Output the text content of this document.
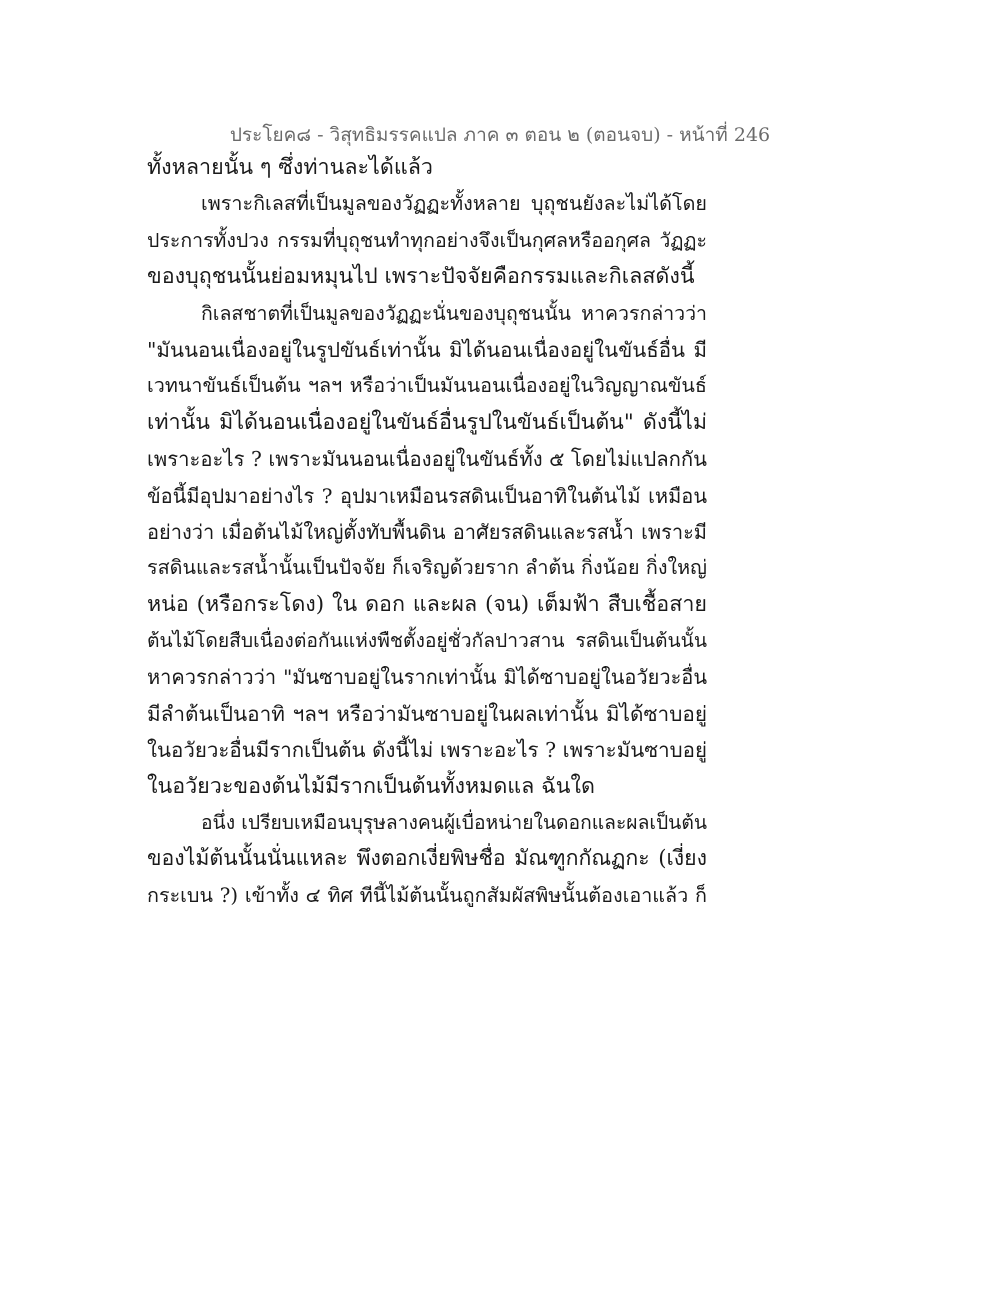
ประโยค๘ - วิสุทธิมรรคแปล ภาค ๓ ตอน ๒ (ตอนจบ) - หน้าที่ 246
ทั้งหลายนั้น ๆ ซึ่งท่านละได้แล้ว
เพราะกิเลสที่เป็นมูลของวัฏฏะทั้งหลาย บุถุชนยังละไม่ได้โดย
ประการทั้งปวง กรรมที่บุถุชนทำทุกอย่างจึงเป็นกุศลหรืออกุศล วัฏฏะ
ของบุถุชนนั้นย่อมหมุนไป เพราะปัจจัยคือกรรมและกิเลสดังนี้
กิเลสชาตที่เป็นมูลของวัฏฏะนั่นของบุถุชนนั้น หาควรกล่าวว่า
"มันนอนเนื่องอยู่ในรูปขันธ์เท่านั้น มิได้นอนเนื่องอยู่ในขันธ์อื่น มี
เวทนาขันธ์เป็นต้น ฯลฯ หรือว่าเป็นมันนอนเนื่องอยู่ในวิญญาณขันธ์
เท่านั้น มิได้นอนเนื่องอยู่ในขันธ์อื่นรูปในขันธ์เป็นต้น" ดังนี้ไม่
เพราะอะไร ? เพราะมันนอนเนื่องอยู่ในขันธ์ทั้ง ๕ โดยไม่แปลกกัน
ข้อนี้มีอุปมาอย่างไร ? อุปมาเหมือนรสดินเป็นอาทิในต้นไม้ เหมือน
อย่างว่า เมื่อต้นไม้ใหญ่ตั้งทับพื้นดิน อาศัยรสดินและรสน้ำ เพราะมี
รสดินและรสน้ำนั้นเป็นปัจจัย ก็เจริญด้วยราก ลำต้น กิ่งน้อย กิ่งใหญ่
หน่อ (หรือกระโดง) ใน ดอก และผล (จน) เต็มฟ้า สืบเชื้อสาย
ต้นไม้โดยสืบเนื่องต่อกันแห่งพืชตั้งอยู่ชั่วกัลปาวสาน รสดินเป็นต้นนั้น
หาควรกล่าวว่า "มันซาบอยู่ในรากเท่านั้น มิได้ซาบอยู่ในอวัยวะอื่น
มีลำต้นเป็นอาทิ ฯลฯ หรือว่ามันซาบอยู่ในผลเท่านั้น มิได้ซาบอยู่
ในอวัยวะอื่นมีรากเป็นต้น ดังนี้ไม่ เพราะอะไร ? เพราะมันซาบอยู่
ในอวัยวะของต้นไม้มีรากเป็นต้นทั้งหมดแล ฉันใด
อนึ่ง เปรียบเหมือนบุรุษลางคนผู้เบื่อหน่ายในดอกและผลเป็นต้น
ของไม้ต้นนั้นนั่นแหละ พึงตอกเงี่ยพิษชื่อ มัณฑูกกัณฏกะ (เงี่ยง
กระเบน ?) เข้าทั้ง ๔ ทิศ ทีนี้ไม้ต้นนั้นถูกสัมผัสพิษนั้นต้องเอาแล้ว ก็
